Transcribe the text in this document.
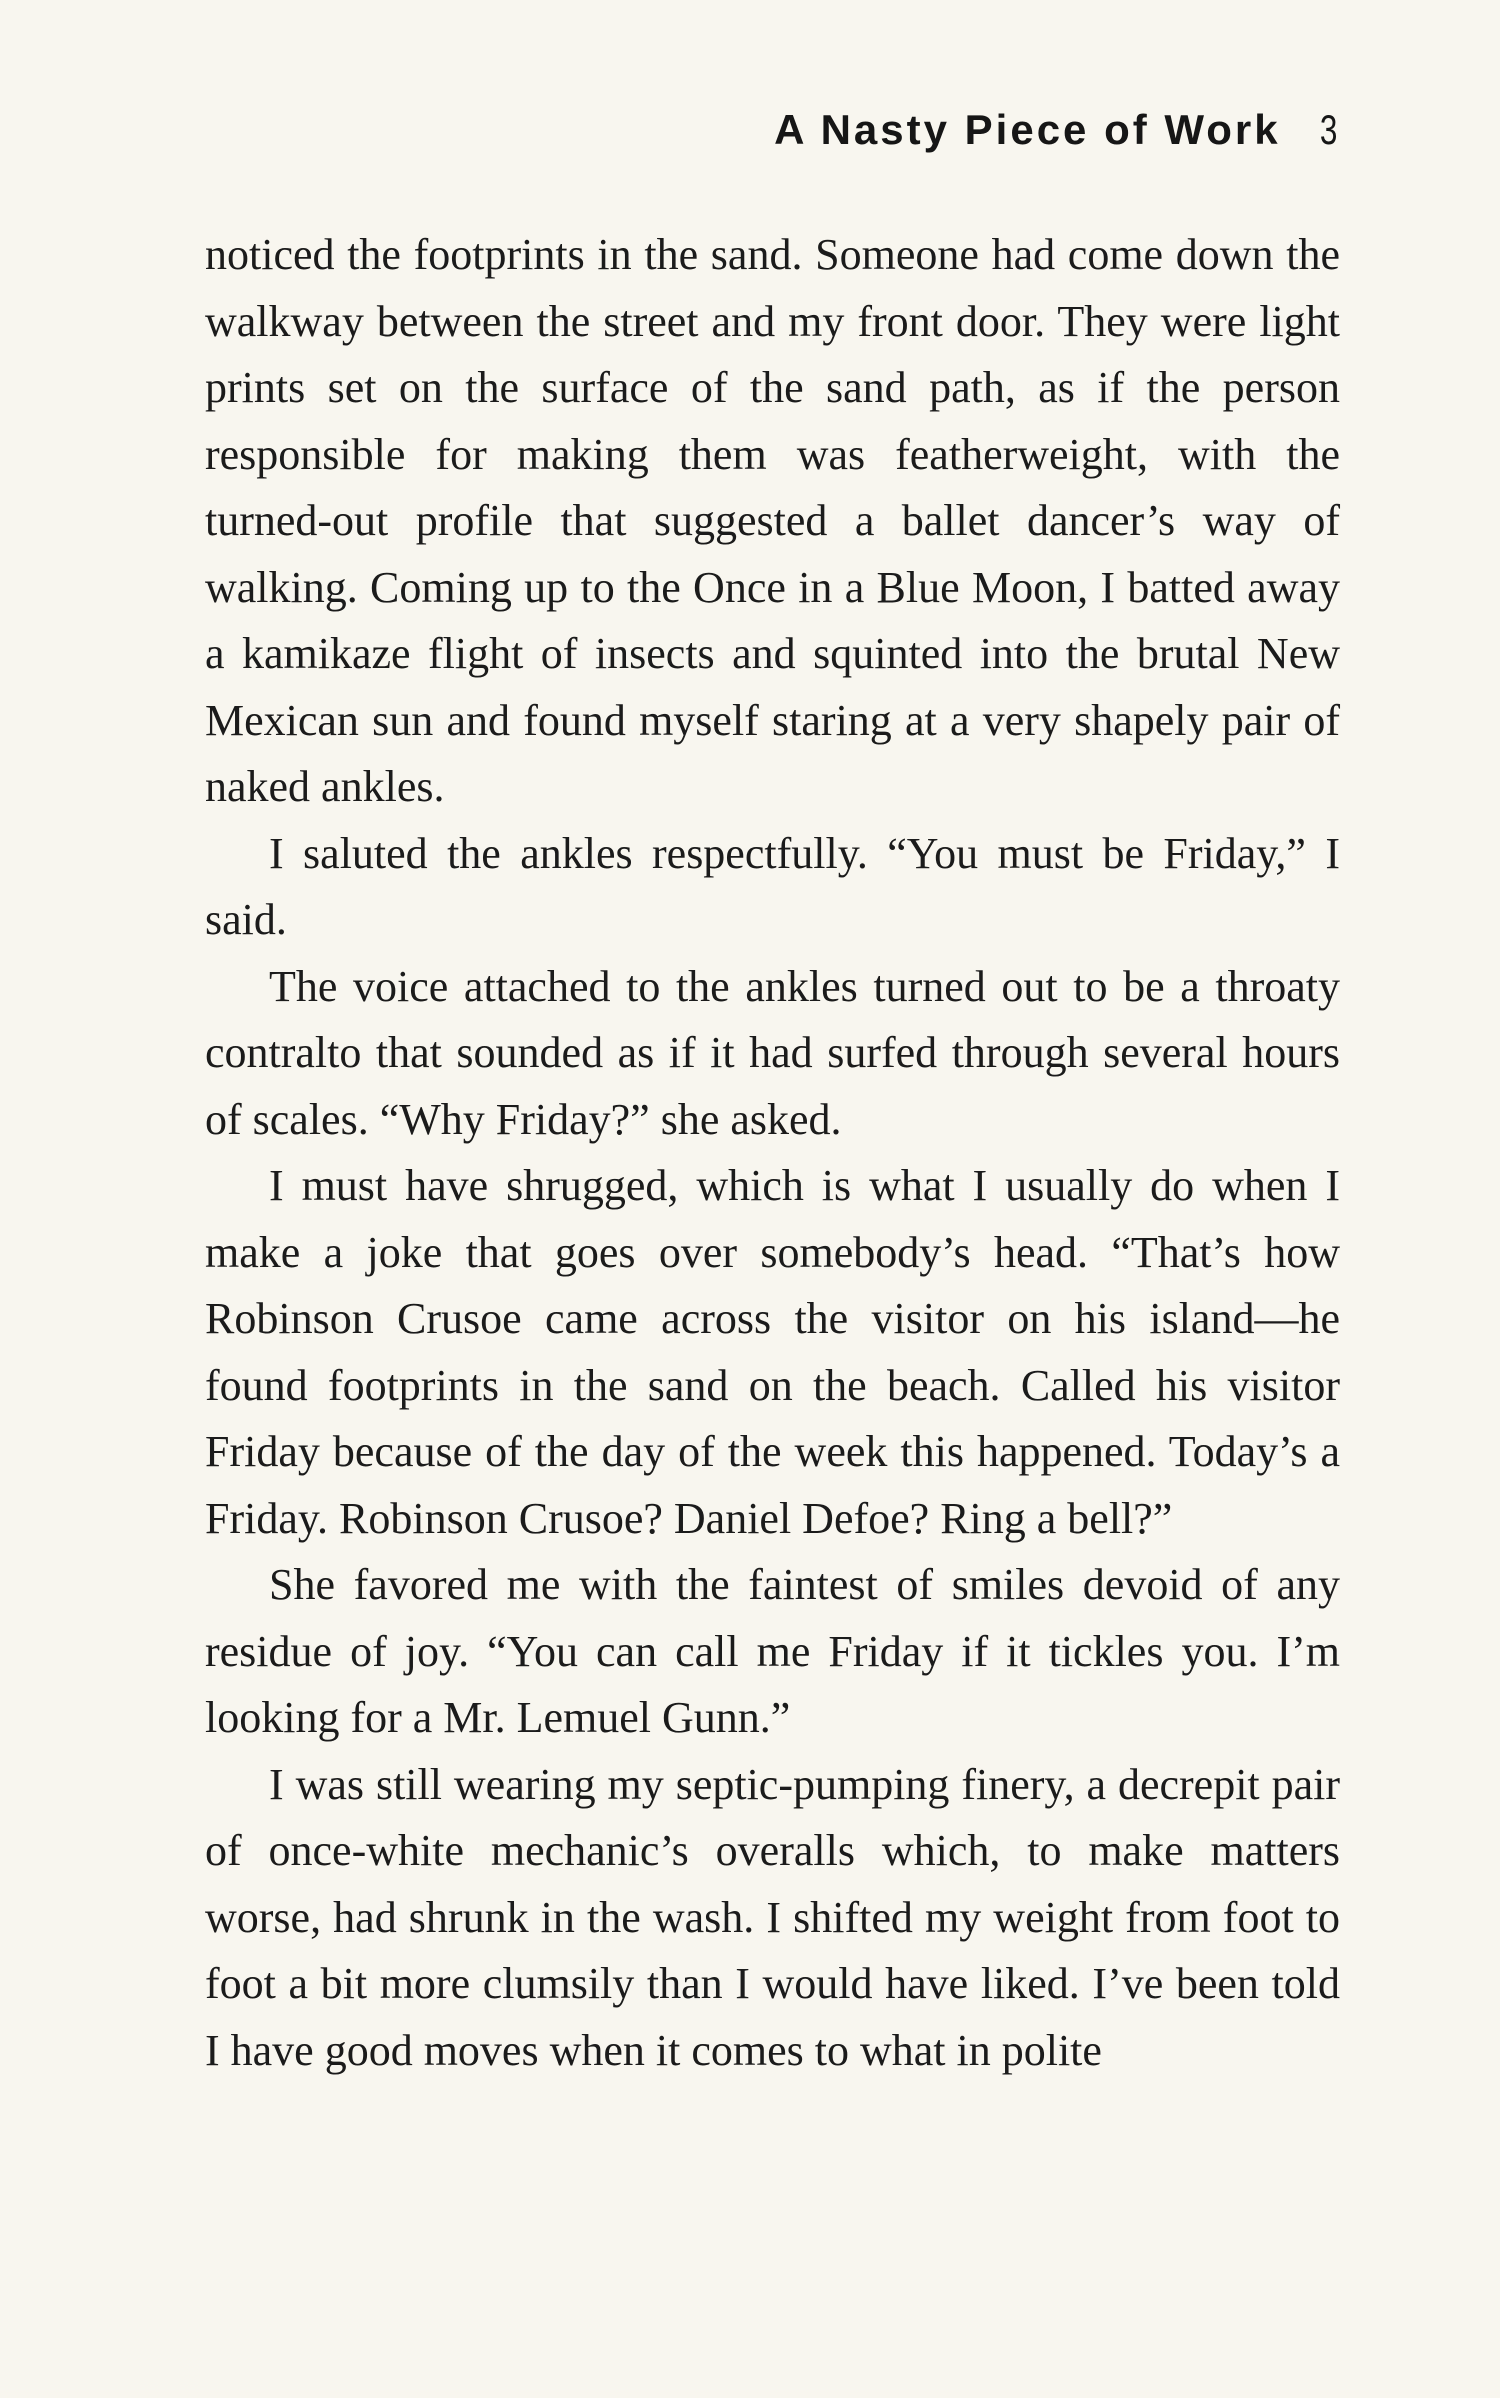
A Nasty Piece of Work 3

noticed the footprints in the sand. Someone had come down the walkway between the street and my front door. They were light prints set on the surface of the sand path, as if the person responsible for making them was featherweight, with the turned-out profile that suggested a ballet dancer’s way of walking. Coming up to the Once in a Blue Moon, I batted away a kamikaze flight of insects and squinted into the brutal New Mexican sun and found myself staring at a very shapely pair of naked ankles.

I saluted the ankles respectfully. “You must be Friday,” I said.

The voice attached to the ankles turned out to be a throaty contralto that sounded as if it had surfed through several hours of scales. “Why Friday?” she asked.

I must have shrugged, which is what I usually do when I make a joke that goes over somebody’s head. “That’s how Robinson Crusoe came across the visitor on his island—he found footprints in the sand on the beach. Called his visitor Friday because of the day of the week this happened. Today’s a Friday. Robinson Crusoe? Daniel Defoe? Ring a bell?”

She favored me with the faintest of smiles devoid of any residue of joy. “You can call me Friday if it tickles you. I’m looking for a Mr. Lemuel Gunn.”

I was still wearing my septic-pumping finery, a decrepit pair of once-white mechanic’s overalls which, to make matters worse, had shrunk in the wash. I shifted my weight from foot to foot a bit more clumsily than I would have liked. I’ve been told I have good moves when it comes to what in polite
